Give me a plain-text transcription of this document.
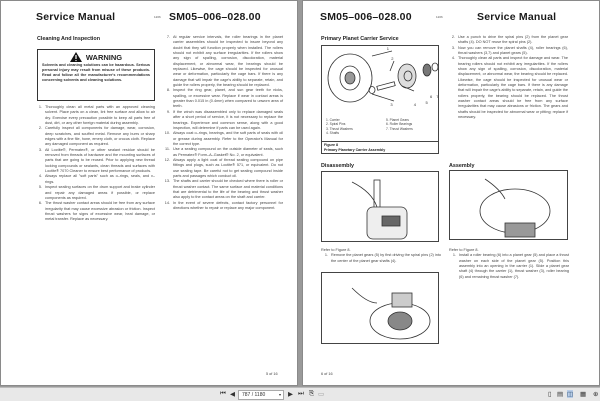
Service Manual	1206 SM05–006–028.00
Cleaning And Inspection
WARNING
Solvents and cleaning solutions can be hazardous. Serious personal injury may result from misuse of these products. Read and follow all the manufacturer's recommendations concerning solvents and cleaning solutions.
1. Thoroughly clean all metal parts with an approved cleaning solvent. Place parts on a clean, lint free surface and allow to air dry. Exercise every precaution possible to keep all parts free of dust, dirt, or any other foreign material during assembly.
2. Carefully inspect all components for damage, wear, corrosion, deep scratches, and scuffed metal. Remove any burrs or sharp edges with a fine file, hone, emery cloth, or crocus cloth. Replace any damaged component as required.
3. All Loctite®, Permatex®, or other sealant residue should be removed from threads of hardware and the mounting surfaces of parts that are going to be reused. Prior to applying new thread locking compounds or sealants, clean threads and surfaces with Loctite® 7070 Cleaner to ensure best performance of products.
4. Always replace all "soft parts" such as o–rings, seals, and v–rings.
5. Inspect sealing surfaces on the drum support and brake cylinder and repair any damaged areas if possible, or replace components as required.
6. The thrust washer contact areas should be free from any surface irregularity that may cause excessive abrasion or friction. Inspect thrust washers for signs of excessive wear, heat damage, or metal transfer. Replace as necessary.
7. At regular service intervals, the roller bearings in the planet carrier assemblies should be inspected to insure beyond any doubt that they will function properly when installed. The rollers should not exhibit any surface irregularities. If the rollers show any sign of spalling, corrosion, discoloration, material displacement, or abnormal wear, the bearings should be replaced. Likewise, the cage should be inspected for unusual wear or deformation, particularly the cage bars. If there is any damage that will impair the cage's ability to separate, retain, and guide the rollers properly, the bearing should be replaced.
8. Inspect the ring gear, planet, and sun gear teeth for nicks, spalling, or excessive wear. Replace if wear in contact areas is greater than 0.015 in (0.4mm) when compared to unworn area of teeth.
9. If the winch was disassembled only to replace damaged seals after a short period of service, it is not necessary to replace the bearings. Experience and common sense, along with a good inspection, will determine if parts can be used again.
10. Always coat o–rings, bearings, and the soft parts of seals with oil or grease during assembly. Refer to the Operator's Manual for the correct type.
11. Use a sealing compound on the outside diameter of seals, such as Permatex® Form–A–Gasket® No. 2, or equivalent.
12. Always apply a light coat of thread sealing compound on pipe fittings and plugs, such as Loctite® 571, or equivalent. Do not use sealing tape. Be careful not to get sealing compound inside parts and passages which conduct oil.
13. The shafts and carrier should be checked where there is roller or thrust washer contact. The same surface and material conditions that are detrimental to the life of the bearing and thrust washer also apply to the contact areas on the shaft and carrier.
14. In the event of severe defects, contact factory personnel for directions whether to repair or replace any major component.
5 of 16
SM05–006–028.00	1206	Service Manual
Primary Planet Carrier Service
1
2
3	4 5
6 7
1. Carrier
2. Spiral Pins
3. Thrust Washers
4. Shafts
5. Planet Gears
6. Roller Bearings
7. Thrust Washers
Figure 8
Primary Planetary Carrier Assembly
2. Use a punch to drive the spiral pins (2) from the planet gear shafts (4). DO NOT reuse the spiral pins (2).
3. Now you can remove the planet shafts (4), roller bearings (6), thrust washers (3,7) and planet gears (5).
4. Thoroughly clean all parts and inspect for damage and wear. The bearing rollers should not exhibit any irregularities. If the rollers show any sign of spalling, corrosion, discoloration, material displacement, or abnormal wear, the bearing should be replaced. Likewise, the cage should be inspected for unusual wear or deformation, particularly the cage bars. If there is any damage that will impair the cage's ability to separate, retain, and guide the rollers properly, the bearing should be replaced. The thrust washer contact areas should be free from any surface irregularities that may cause abrasions or friction. The gears and shafts should be inspected for abnormal wear or pitting; replace if necessary.
Disassembly
Refer to Figure 8.
1. Remove the planet gears (5) by first driving the spiral pins (2) into the center of the planet gear shafts (4).
Assembly
Refer to Figure 8.
1. Install a roller bearing (6) into a planet gear (5) and place a thrust washer on each side of the planet gear (5). Position this assembly into an opening in the carrier (1). Slide a planet gear shaft (4) through the carrier (1), thrust washer (3), roller bearing (6) and remaining thrust washer (7).
6 of 16
⏮ ◀	787 / 1180	▾ ▶ ⏭ ⎘ ▭	▯ ▤ ◫ ▦ ⊕
